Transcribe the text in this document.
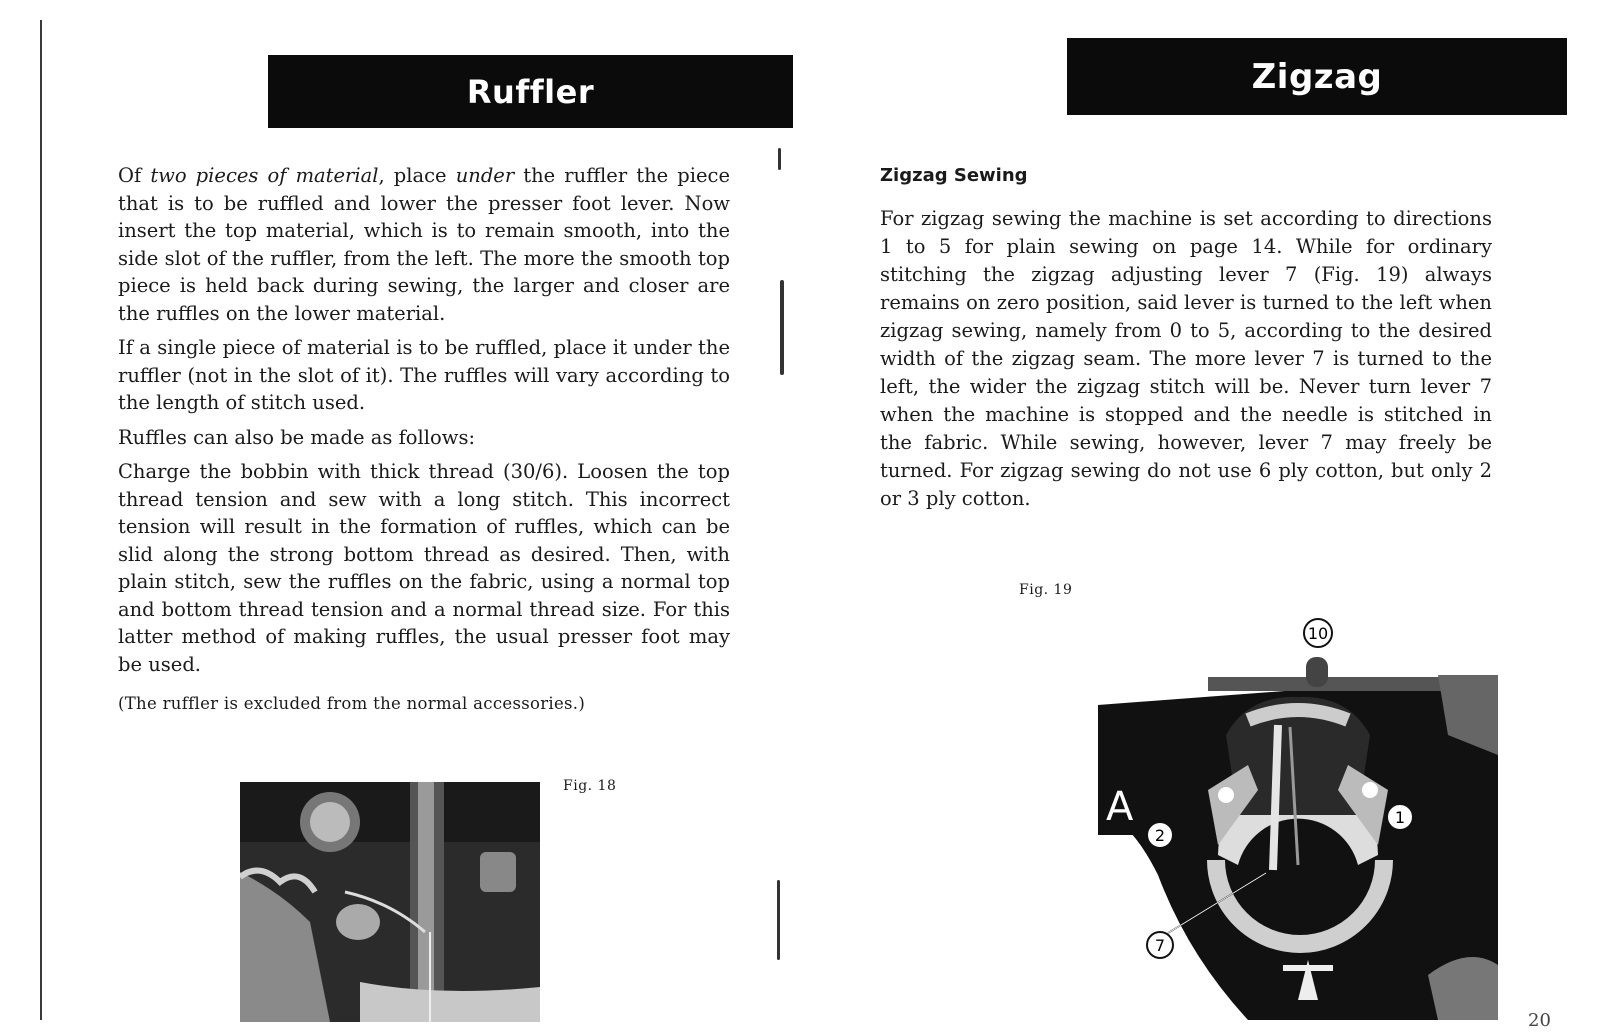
Ruffler

Of two pieces of material, place under the ruffler the piece that is to be ruffled and lower the presser foot lever. Now insert the top material, which is to remain smooth, into the side slot of the ruffler, from the left. The more the smooth top piece is held back during sewing, the larger and closer are the ruffles on the lower material.

If a single piece of material is to be ruffled, place it under the ruffler (not in the slot of it). The ruffles will vary according to the length of stitch used.

Ruffles can also be made as follows:

Charge the bobbin with thick thread (30/6). Loosen the top thread tension and sew with a long stitch. This incorrect tension will result in the formation of ruffles, which can be slid along the strong bottom thread as desired. Then, with plain stitch, sew the ruffles on the fabric, using a normal top and bottom thread tension and a normal thread size. For this latter method of making ruffles, the usual presser foot may be used.

(The ruffler is excluded from the normal accessories.)

Fig. 18
Zigzag
Zigzag Sewing

For zigzag sewing the machine is set according to directions 1 to 5 for plain sewing on page 14. While for ordinary stitching the zigzag adjusting lever 7 (Fig. 19) always remains on zero position, said lever is turned to the left when zigzag sewing, namely from 0 to 5, according to the desired width of the zigzag seam. The more lever 7 is turned to the left, the wider the zigzag stitch will be. Never turn lever 7 when the machine is stopped and the needle is stitched in the fabric. While sewing, however, lever 7 may freely be turned. For zigzag sewing do not use 6 ply cotton, but only 2 or 3 ply cotton.

Fig. 19
10
1
2
7
A
20
